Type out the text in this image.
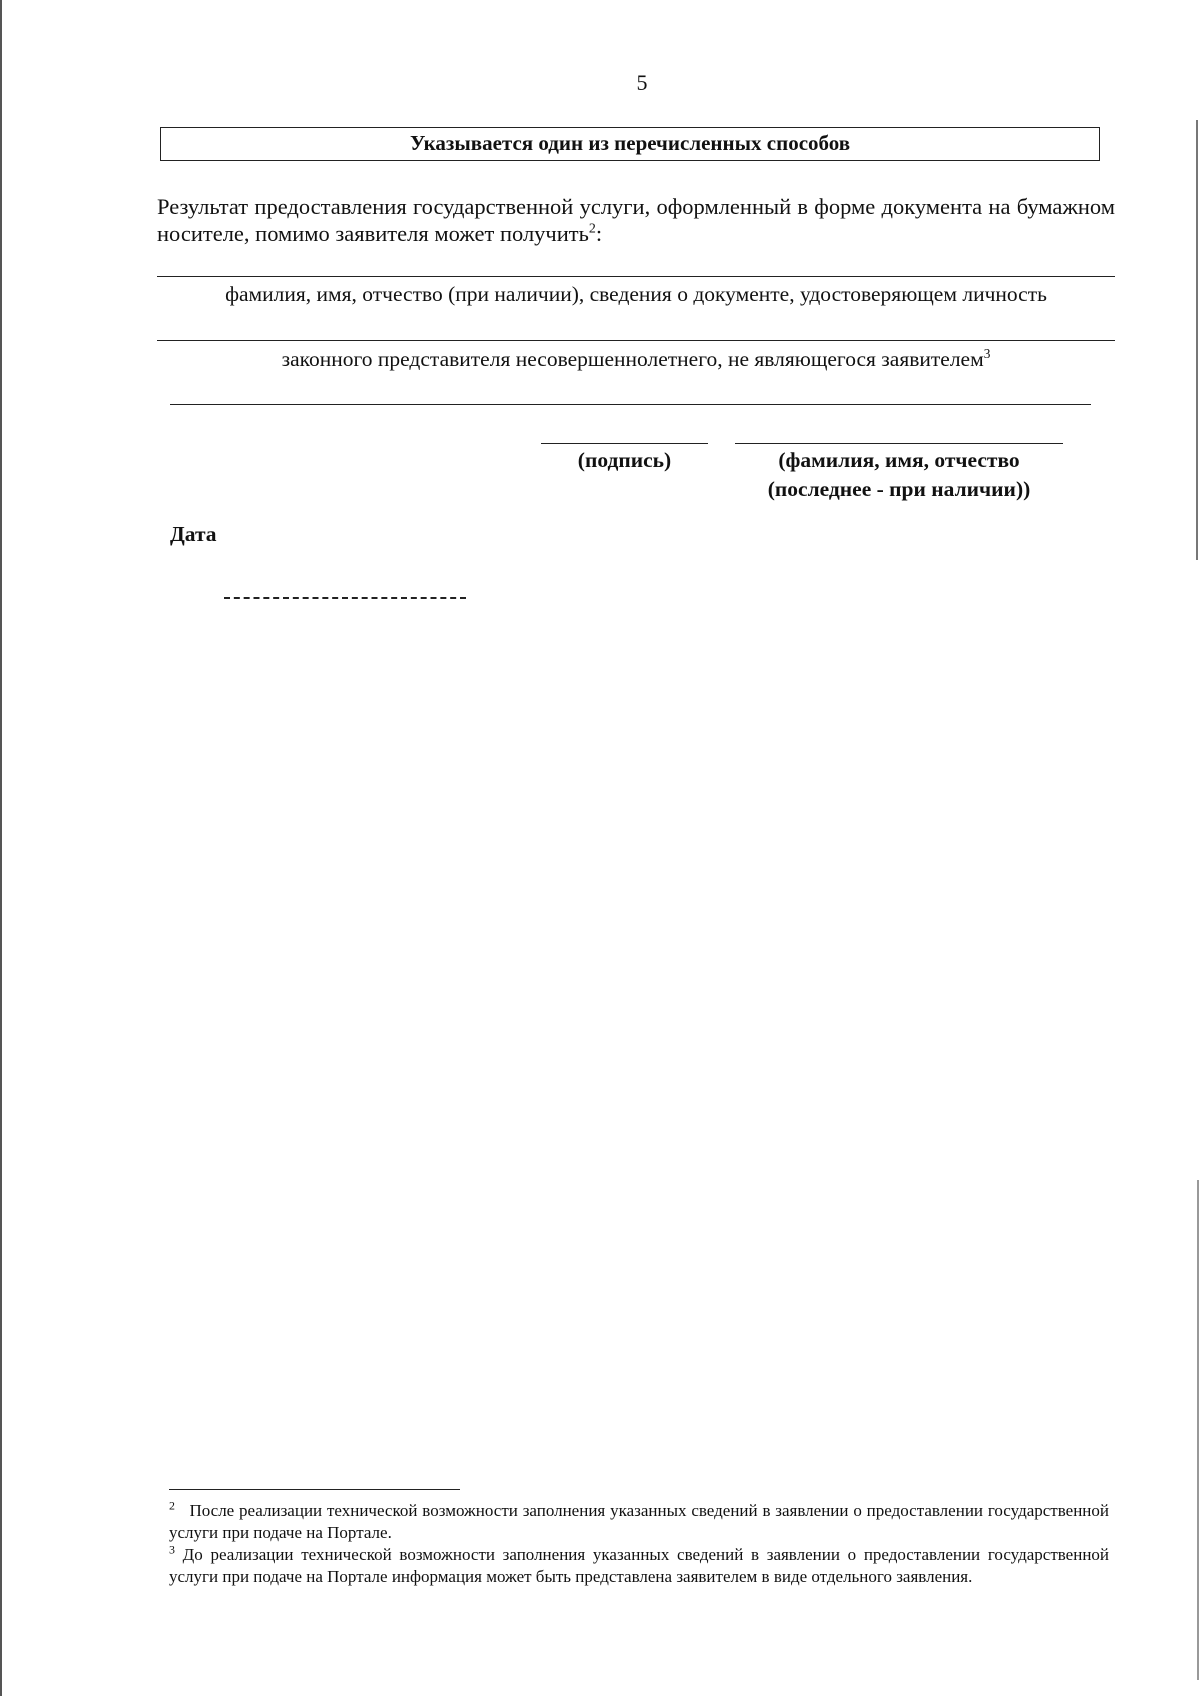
5
Указывается один из перечисленных способов
Результат предоставления государственной услуги, оформленный в форме документа на бумажном носителе, помимо заявителя может получить$^2$:
фамилия, имя, отчество (при наличии), сведения о документе, удостоверяющем личность
законного представителя несовершеннолетнего, не являющегося заявителем$^3$
(подпись)	(фамилия, имя, отчество
(последнее - при наличии))
Дата

$^2$ После реализации технической возможности заполнения указанных сведений в заявлении о предоставлении государственной услуги при подаче на Портале.

$^3$ До реализации технической возможности заполнения указанных сведений в заявлении о предоставлении государственной услуги при подаче на Портале информация может быть представлена заявителем в виде отдельного заявления.
